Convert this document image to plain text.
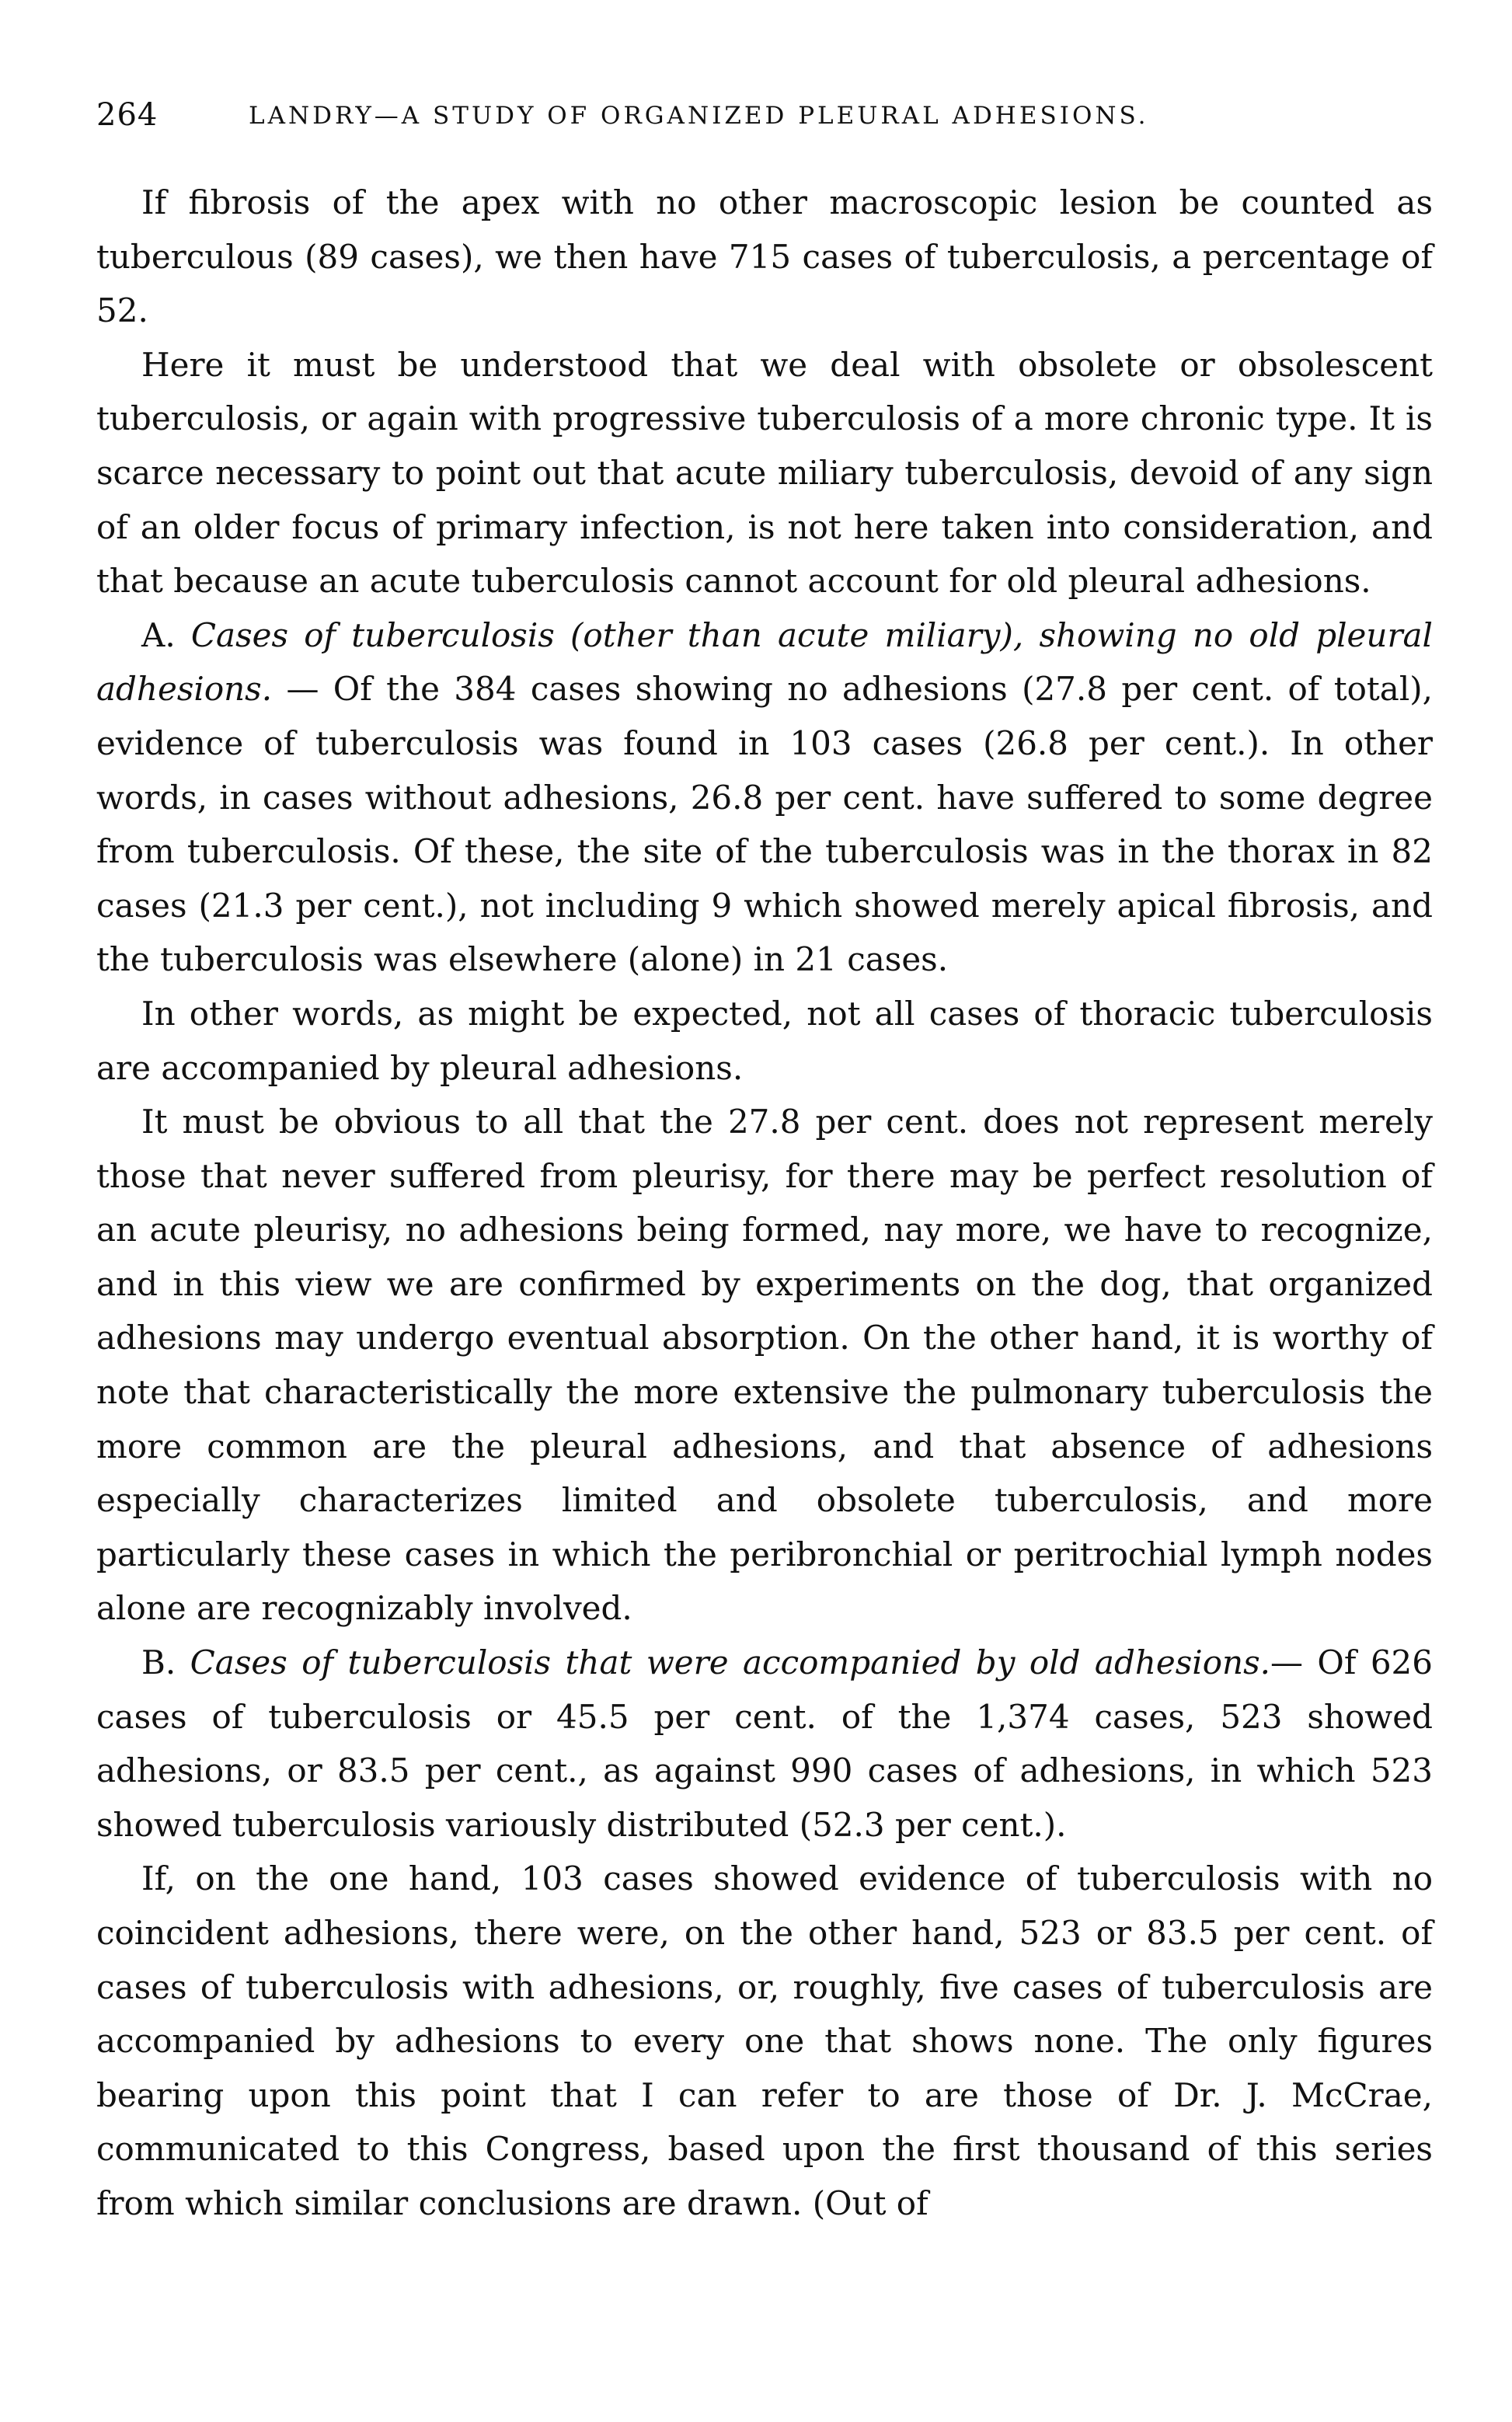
264	LANDRY—A STUDY OF ORGANIZED PLEURAL ADHESIONS.

If fibrosis of the apex with no other macroscopic lesion be counted as tuberculous (89 cases), we then have 715 cases of tuberculosis, a percentage of 52.

Here it must be understood that we deal with obsolete or obsolescent tuberculosis, or again with progressive tuberculosis of a more chronic type. It is scarce necessary to point out that acute miliary tuberculosis, devoid of any sign of an older focus of primary infection, is not here taken into consideration, and that because an acute tuberculosis cannot account for old pleural adhesions.

A. Cases of tuberculosis (other than acute miliary), showing no old pleural adhesions. — Of the 384 cases showing no adhesions (27.8 per cent. of total), evidence of tuberculosis was found in 103 cases (26.8 per cent.). In other words, in cases without adhesions, 26.8 per cent. have suffered to some degree from tuberculosis. Of these, the site of the tuberculosis was in the thorax in 82 cases (21.3 per cent.), not including 9 which showed merely apical fibrosis, and the tuberculosis was elsewhere (alone) in 21 cases.

In other words, as might be expected, not all cases of thoracic tuberculosis are accompanied by pleural adhesions.

It must be obvious to all that the 27.8 per cent. does not represent merely those that never suffered from pleurisy, for there may be perfect resolution of an acute pleurisy, no adhesions being formed, nay more, we have to recognize, and in this view we are confirmed by experiments on the dog, that organized adhesions may undergo eventual absorption. On the other hand, it is worthy of note that characteristically the more extensive the pulmonary tuberculosis the more common are the pleural adhesions, and that absence of adhesions especially characterizes limited and obsolete tuberculosis, and more particularly these cases in which the peribronchial or peritrochial lymph nodes alone are recognizably involved.

B. Cases of tuberculosis that were accompanied by old adhesions.— Of 626 cases of tuberculosis or 45.5 per cent. of the 1,374 cases, 523 showed adhesions, or 83.5 per cent., as against 990 cases of adhesions, in which 523 showed tuberculosis variously distributed (52.3 per cent.).

If, on the one hand, 103 cases showed evidence of tuberculosis with no coincident adhesions, there were, on the other hand, 523 or 83.5 per cent. of cases of tuberculosis with adhesions, or, roughly, five cases of tuberculosis are accompanied by adhesions to every one that shows none. The only figures bearing upon this point that I can refer to are those of Dr. J. McCrae, communicated to this Congress, based upon the first thousand of this series from which similar conclusions are drawn. (Out of
